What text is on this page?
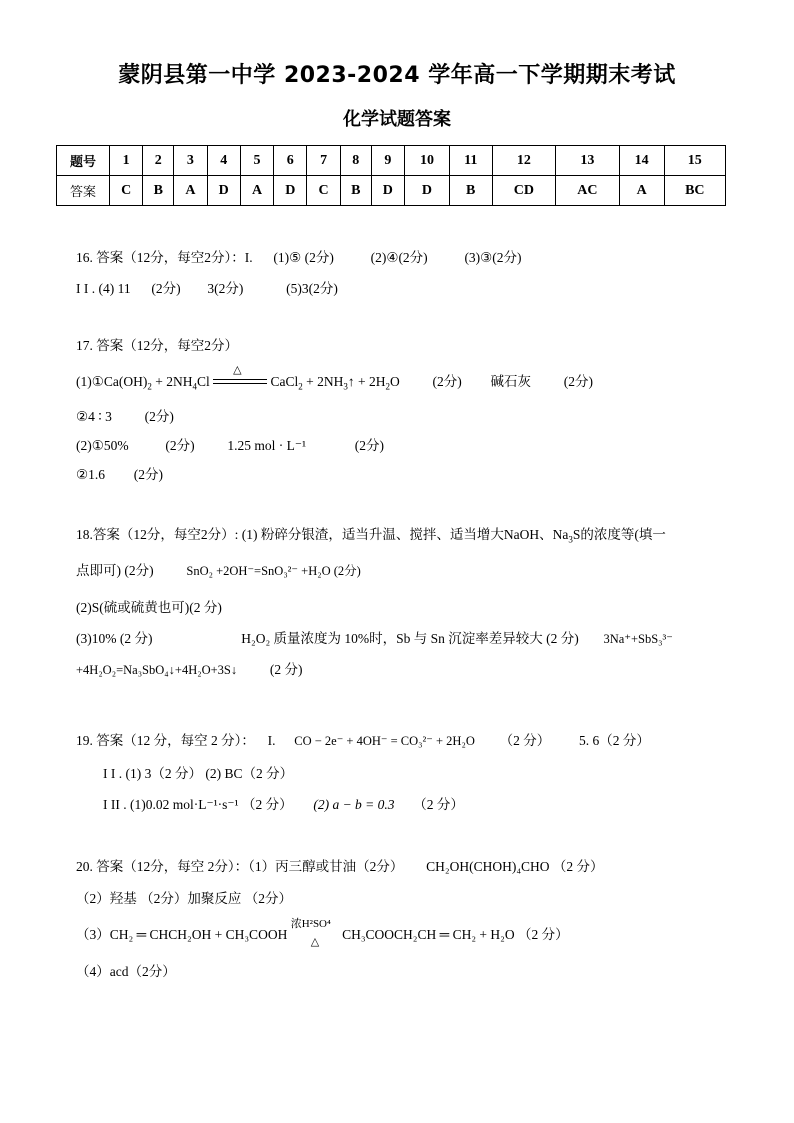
蒙阴县第一中学 2023-2024 学年高一下学期期末考试
化学试题答案
题号	1	2	3	4	5	6	7	8	9	10	11	12	13	14	15
答案	C	B	A	D	A	D	C	B	D	D	B	CD	AC	A	BC
16. 答案（12分，每空2分）：I. (1)⑤ (2分)	(2)④(2分)	(3)③(2分)
I I . (4) 11 (2分) 3(2分)	(5)3(2分)
17. 答案（12分，每空2分）
$(1)①Ca(OH)_2 + 2NH_4Cl$
△
CaCl$_2$ + $2NH_3↑ + 2H_2O$ (2分) 碱石灰 (2分)
②4 ∶ 3 (2分)
(2)①50%	(2分) 1.25 mol · L⁻¹	(2分)
②1.6 (2分)
18.答案（12分，每空2分）: (1) 粉碎分银渣，适当升温、搅拌、适当增大NaOH、$Na_3S$的浓度等(填一
点即可) (2分)	SnO₂ +2OH⁻=SnO₃²⁻ +H₂O (2分)
(2)S(硫或硫黄也可)(2 分)
(3)10% (2 分)	H₂O₂ 质量浓度为 10%时，Sb 与 Sn 沉淀率差异较大 (2 分) 3Na⁺+SbS₃³⁻
+4H₂O₂=Na₃SbO₄↓+4H₂O+3S↓ (2 分)
19. 答案（12 分，每空 2 分）： I. CO − 2e⁻ + 4OH⁻ = CO₃²⁻ + 2H₂O （2 分） 5. 6（2 分）
I I . (1) 3（2 分） (2) BC（2 分）
I II . (1)0.02 mol·L⁻¹·s⁻¹ （2 分） (2) a − b = 0.3 （2 分）
20. 答案（12分，每空 2分）：（1）丙三醇或甘油（2分） CH₂OH(CHOH)₄CHO （2 分）
（2）羟基 （2分）加聚反应 （2分）
（3）CH₂ ═ CHCH₂OH + CH₃COOH
浓H²SO⁴
△ CH₃COOCH₂CH ═ CH₂ + H₂O （2 分）
（4）acd（2分）
